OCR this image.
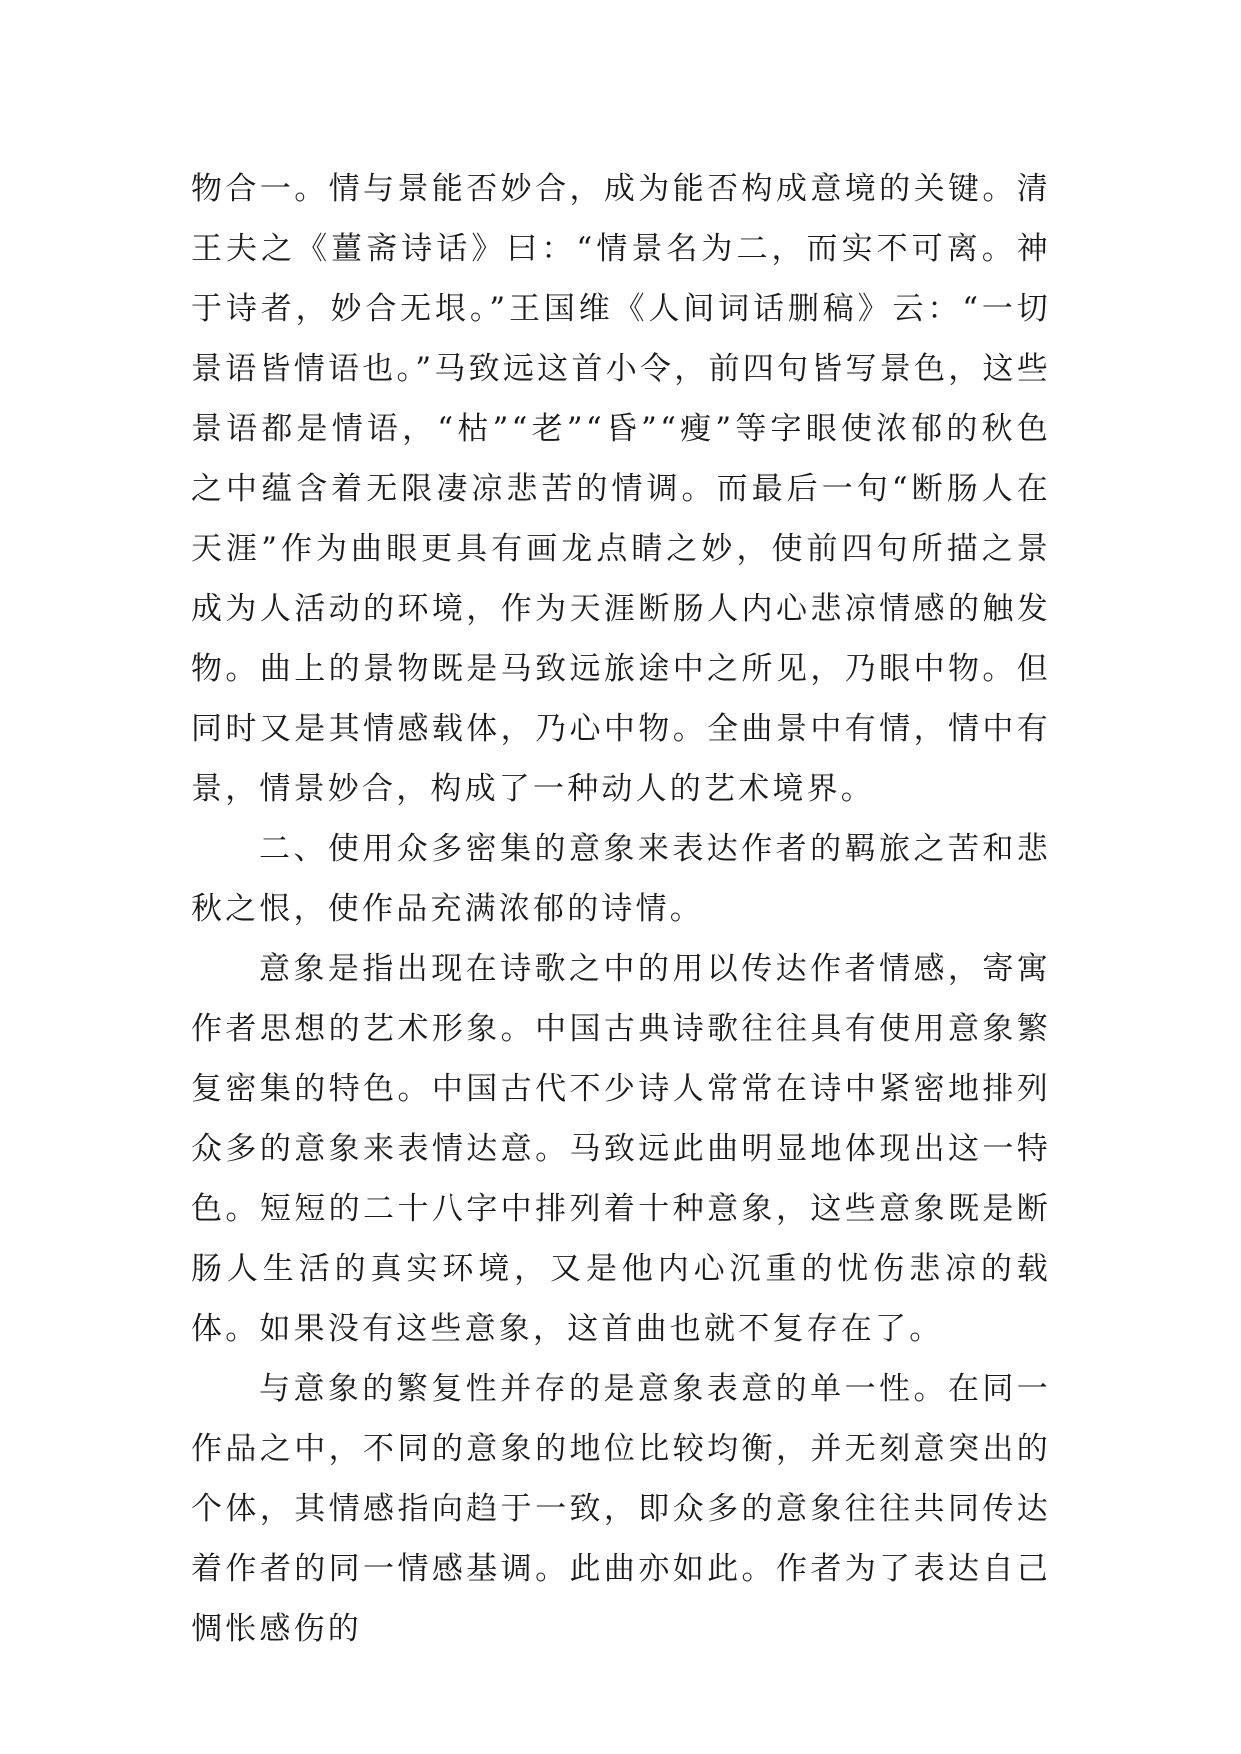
物合一。情与景能否妙合，成为能否构成意境的关键。清王夫之《薑斋诗话》曰：“情景名为二，而实不可离。神于诗者，妙合无垠。”王国维《人间词话删稿》云：“一切景语皆情语也。”马致远这首小令，前四句皆写景色，这些景语都是情语，“枯”“老”“昏”“瘦”等字眼使浓郁的秋色之中蕴含着无限凄凉悲苦的情调。而最后一句“断肠人在天涯”作为曲眼更具有画龙点睛之妙，使前四句所描之景成为人活动的环境，作为天涯断肠人内心悲凉情感的触发物。曲上的景物既是马致远旅途中之所见，乃眼中物。但同时又是其情感载体，乃心中物。全曲景中有情，情中有景，情景妙合，构成了一种动人的艺术境界。

二、使用众多密集的意象来表达作者的羁旅之苦和悲秋之恨，使作品充满浓郁的诗情。

意象是指出现在诗歌之中的用以传达作者情感，寄寓作者思想的艺术形象。中国古典诗歌往往具有使用意象繁复密集的特色。中国古代不少诗人常常在诗中紧密地排列众多的意象来表情达意。马致远此曲明显地体现出这一特色。短短的二十八字中排列着十种意象，这些意象既是断肠人生活的真实环境，又是他内心沉重的忧伤悲凉的载体。如果没有这些意象，这首曲也就不复存在了。

与意象的繁复性并存的是意象表意的单一性。在同一作品之中，不同的意象的地位比较均衡，并无刻意突出的个体，其情感指向趋于一致，即众多的意象往往共同传达着作者的同一情感基调。此曲亦如此。作者为了表达自己惆怅感伤的
